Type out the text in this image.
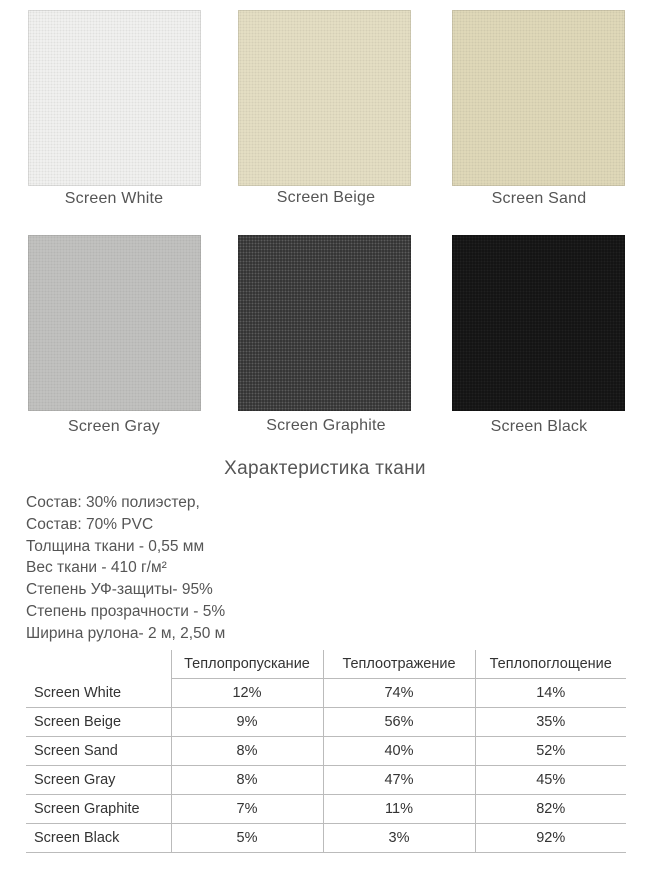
Screen White	Screen Beige	Screen Sand
Screen Gray	Screen Graphite	Screen Black
Характеристика ткани
Состав: 30% полиэстер,
Состав: 70% PVC
Толщина ткани - 0,55 мм
Вес ткани - 410 г/м²
Степень УФ-защиты- 95%
Степень прозрачности - 5%
Ширина рулона- 2 м, 2,50 м
	Теплопропускание	Теплоотражение	Теплопоглощение
Screen White	12%	74%	14%
Screen Beige	9%	56%	35%
Screen Sand	8%	40%	52%
Screen Gray	8%	47%	45%
Screen Graphite	7%	11%	82%
Screen Black	5%	3%	92%
